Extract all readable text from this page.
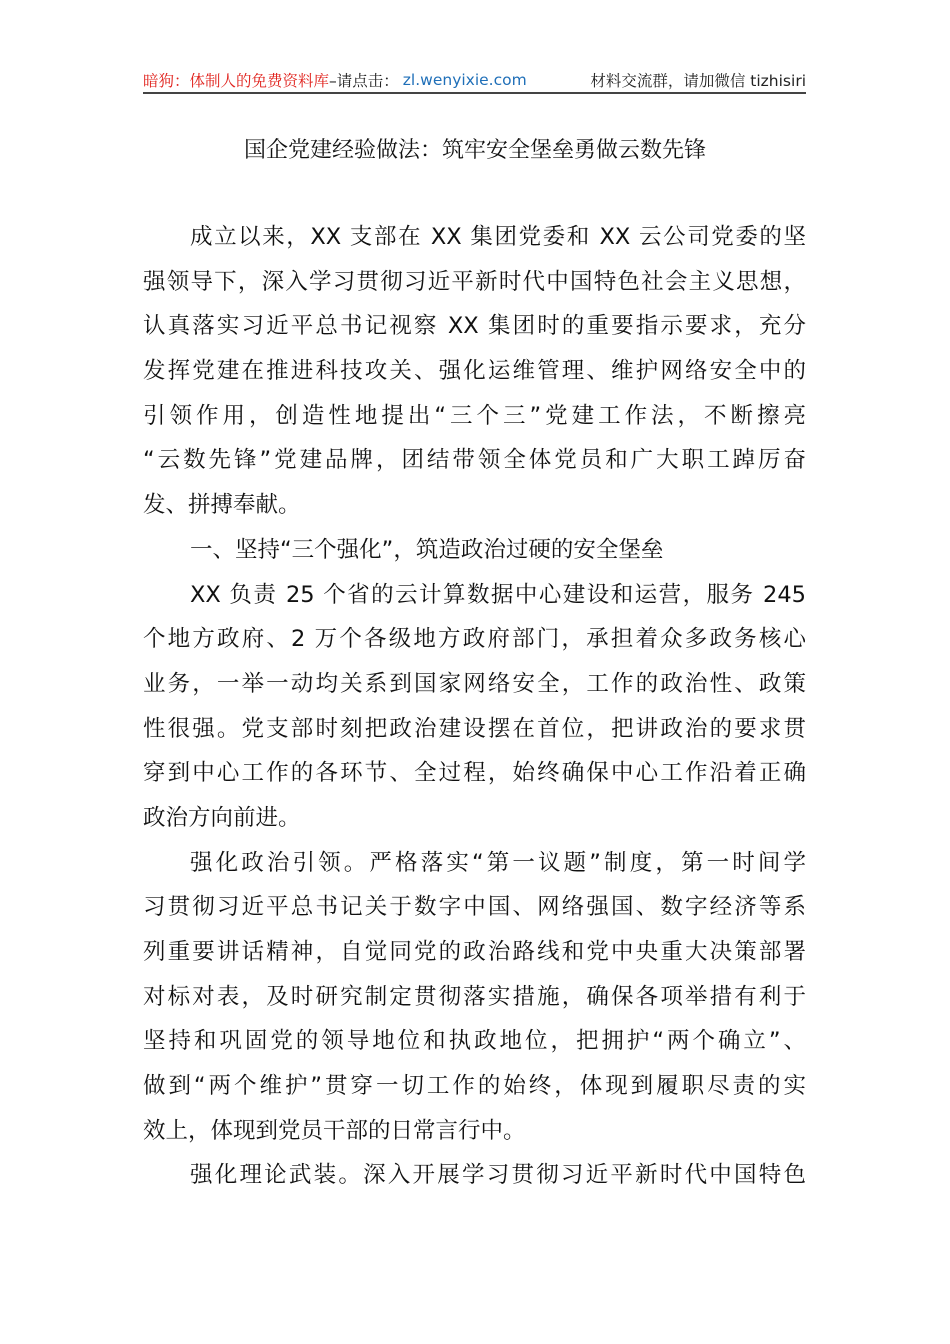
暗狗：体制人的免费资料库 –请点击： zl.wenyixie.com	材料交流群，请加微信 tizhisiri
国企党建经验做法：筑牢安全堡垒勇做云数先锋
成立以来，XX 支部在 XX 集团党委和 XX 云公司党委的坚
强领导下，深入学习贯彻习近平新时代中国特色社会主义思想，
认真落实习近平总书记视察 XX 集团时的重要指示要求，充分
发挥党建在推进科技攻关、强化运维管理、维护网络安全中的
引领作用，创造性地提出“三个三”党建工作法，不断擦亮
“云数先锋”党建品牌，团结带领全体党员和广大职工踔厉奋
发、拼搏奉献。
一、坚持“三个强化”，筑造政治过硬的安全堡垒
XX 负责 25 个省的云计算数据中心建设和运营，服务 245
个地方政府、2 万个各级地方政府部门，承担着众多政务核心
业务，一举一动均关系到国家网络安全，工作的政治性、政策
性很强。党支部时刻把政治建设摆在首位，把讲政治的要求贯
穿到中心工作的各环节、全过程，始终确保中心工作沿着正确
政治方向前进。
强化政治引领。严格落实“第一议题”制度，第一时间学
习贯彻习近平总书记关于数字中国、网络强国、数字经济等系
列重要讲话精神，自觉同党的政治路线和党中央重大决策部署
对标对表，及时研究制定贯彻落实措施，确保各项举措有利于
坚持和巩固党的领导地位和执政地位，把拥护“两个确立”、
做到“两个维护”贯穿一切工作的始终，体现到履职尽责的实
效上，体现到党员干部的日常言行中。
强化理论武装。深入开展学习贯彻习近平新时代中国特色
